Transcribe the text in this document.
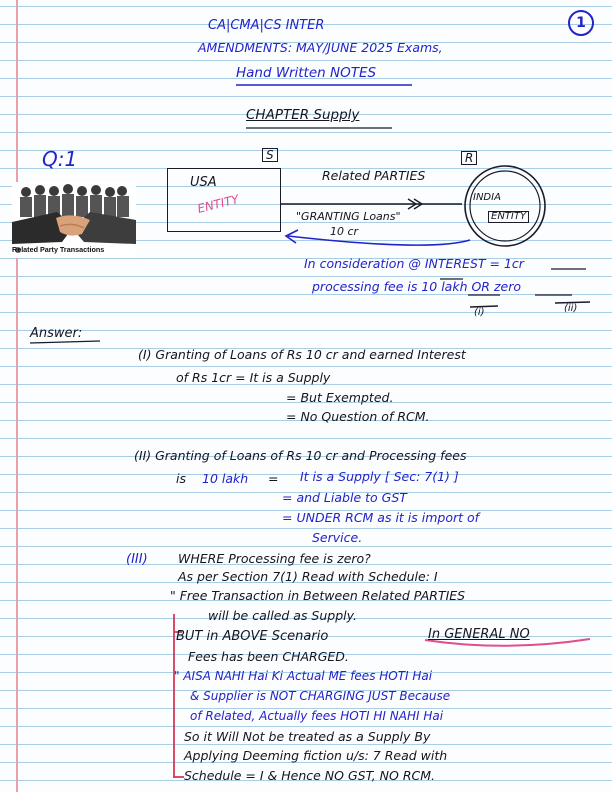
1
CA|CMA|CS INTER
AMENDMENTS: MAY/JUNE 2025 Exams,
Hand Written NOTES
CHAPTER Supply
Q:1
Related Party Transactions
S	R
USA
ENTITY
Related PARTIES
"GRANTING Loans"
10 cr
INDIA
ENTITY
In consideration @ INTEREST = 1cr
processing fee is 10 lakh OR zero
(i)	(ii)
Answer:
(I) Granting of Loans of Rs 10 cr and earned Interest
of Rs 1cr = It is a Supply
= But Exempted.
= No Question of RCM.
(II) Granting of Loans of Rs 10 cr and Processing fees
is 10 lakh = It is a Supply [ Sec: 7(1) ]
= and Liable to GST
= UNDER RCM as it is import of
Service.
(III) WHERE Processing fee is zero?
As per Section 7(1) Read with Schedule: I
" Free Transaction in Between Related PARTIES
will be called as Supply.
BUT in ABOVE Scenario	In GENERAL NO
Fees has been CHARGED.
" AISA NAHI Hai Ki Actual ME fees HOTI Hai
& Supplier is NOT CHARGING JUST Because
of Related, Actually fees HOTI HI NAHI Hai
So it Will Not be treated as a Supply By
Applying Deeming fiction u/s: 7 Read with
Schedule = I & Hence NO GST, NO RCM.
